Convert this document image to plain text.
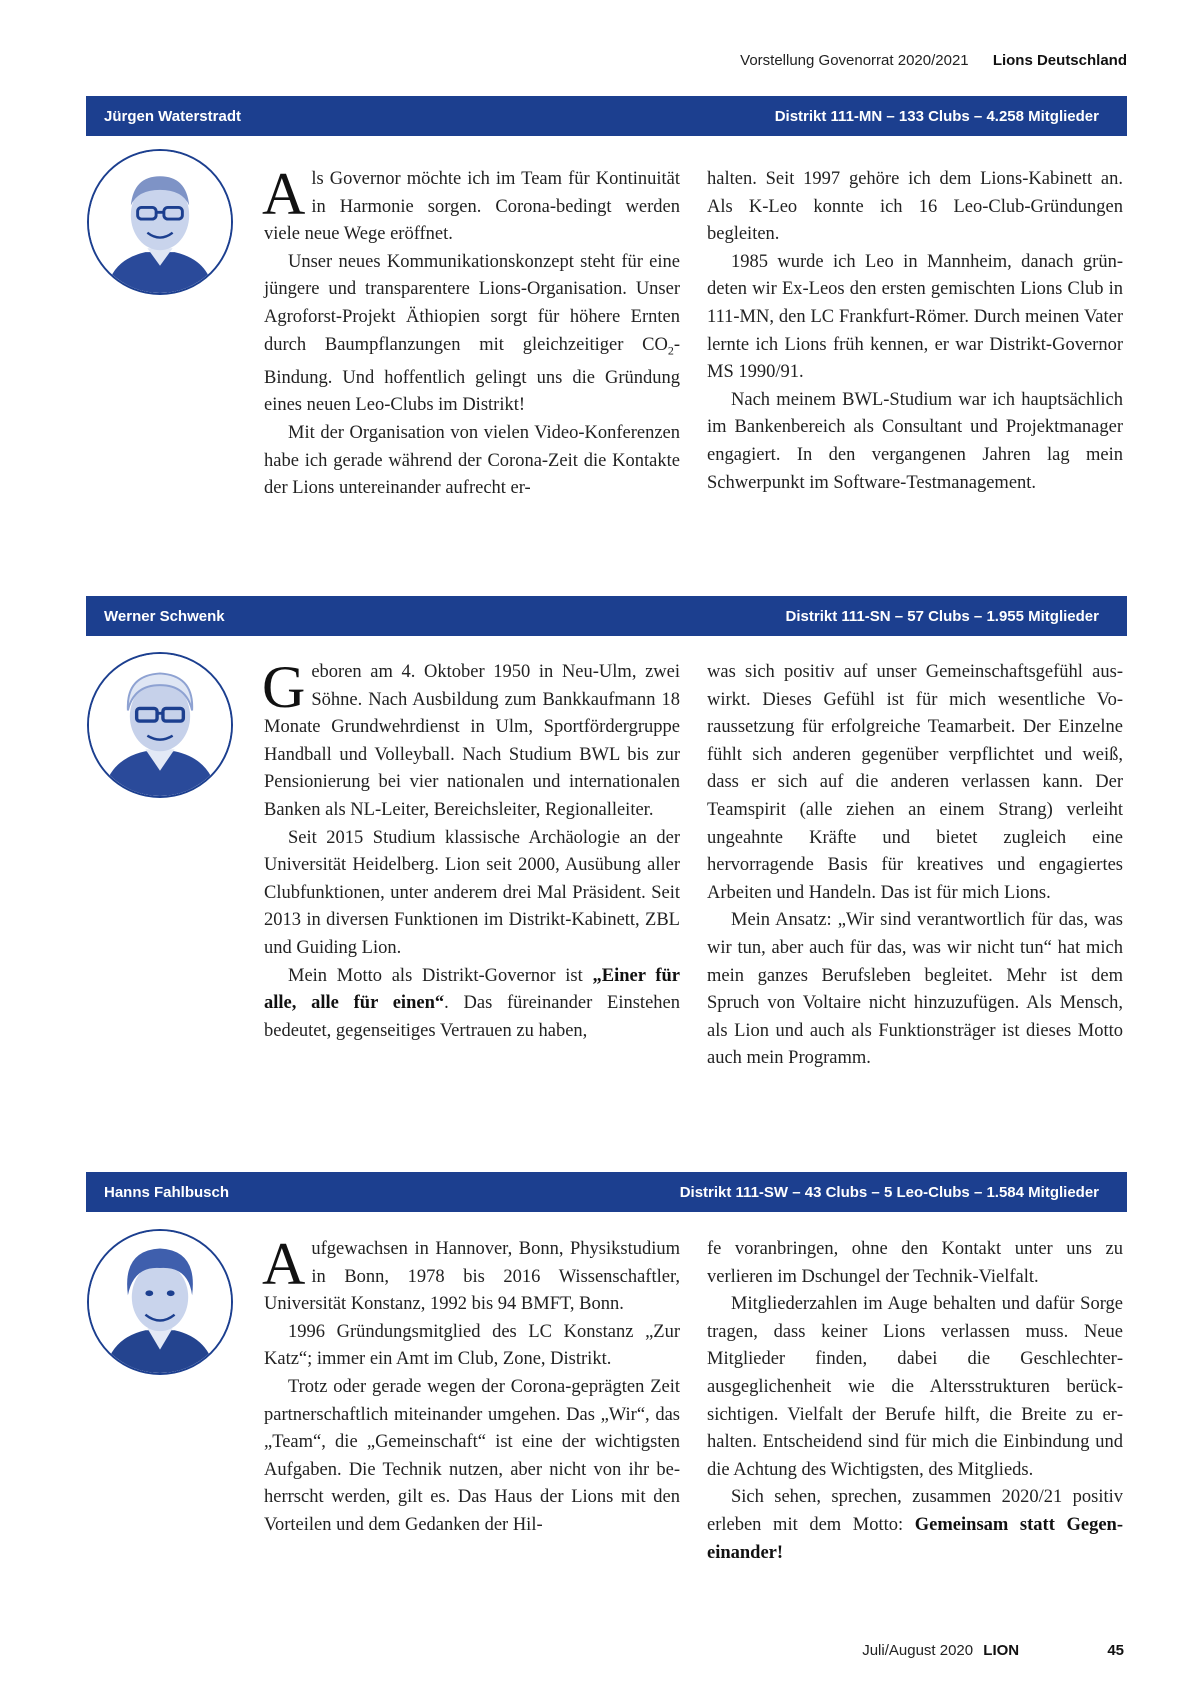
Vorstellung Govenorrat 2020/2021 Lions Deutschland
Jürgen Waterstradt	Distrikt 111-MN – 133 Clubs – 4.258 Mitglieder

Als Governor möchte ich im Team für Kontinuität in Harmonie sorgen. Corona-bedingt werden viele neue Wege eröffnet.

Unser neues Kommunikationskonzept steht für eine jüngere und transparentere Lions-Organisation. Unser Agroforst-Projekt Äthiopien sorgt für höhere Ernten durch Baumpflanzungen mit gleichzeitiger $CO_2$-Bindung. Und hoffentlich gelingt uns die Gründung eines neuen Leo-Clubs im Distrikt!

Mit der Organisation von vielen Video-Konferenzen habe ich gerade während der Corona-Zeit die Kontakte der Lions untereinander aufrecht er-

halten. Seit 1997 gehöre ich dem Lions-Kabinett an. Als K-Leo konnte ich 16 Leo-Club-Gründungen begleiten.

1985 wurde ich Leo in Mannheim, danach gründeten wir Ex-Leos den ersten gemischten Lions Club in 111-MN, den LC Frankfurt-Römer. Durch meinen Vater lernte ich Lions früh kennen, er war Distrikt-Governor MS 1990/91.

Nach meinem BWL-Studium war ich hauptsächlich im Bankenbereich als Consultant und Projektmanager engagiert. In den vergangenen Jahren lag mein Schwerpunkt im Software-Testmanagement.

Werner Schwenk	Distrikt 111-SN – 57 Clubs – 1.955 Mitglieder

Geboren am 4. Oktober 1950 in Neu-Ulm, zwei Söhne. Nach Ausbildung zum Bankkaufmann 18 Monate Grundwehrdienst in Ulm, Sportfördergruppe Handball und Volleyball. Nach Studium BWL bis zur Pensionierung bei vier nationalen und internationalen Banken als NL-Leiter, Bereichsleiter, Regionalleiter.

Seit 2015 Studium klassische Archäologie an der Universität Heidelberg. Lion seit 2000, Ausübung aller Clubfunktionen, unter anderem drei Mal Präsident. Seit 2013 in diversen Funktionen im Distrikt-Kabinett, ZBL und Guiding Lion.

Mein Motto als Distrikt-Governor ist „Einer für alle, alle für einen“. Das füreinander Einstehen bedeutet, gegenseitiges Vertrauen zu haben,

was sich positiv auf unser Gemeinschaftsgefühl auswirkt. Dieses Gefühl ist für mich wesentliche Voraussetzung für erfolgreiche Teamarbeit. Der Einzelne fühlt sich anderen gegenüber verpflichtet und weiß, dass er sich auf die anderen verlassen kann. Der Teamspirit (alle ziehen an einem Strang) verleiht ungeahnte Kräfte und bietet zugleich eine hervorragende Basis für kreatives und engagiertes Arbeiten und Handeln. Das ist für mich Lions.

Mein Ansatz: „Wir sind verantwortlich für das, was wir tun, aber auch für das, was wir nicht tun“ hat mich mein ganzes Berufsleben begleitet. Mehr ist dem Spruch von Voltaire nicht hinzuzufügen. Als Mensch, als Lion und auch als Funktionsträger ist dieses Motto auch mein Programm.

Hanns Fahlbusch	Distrikt 111-SW – 43 Clubs – 5 Leo-Clubs – 1.584 Mitglieder

Aufgewachsen in Hannover, Bonn, Physikstudium in Bonn, 1978 bis 2016 Wissenschaftler, Universität Konstanz, 1992 bis 94 BMFT, Bonn.

1996 Gründungsmitglied des LC Konstanz „Zur Katz“; immer ein Amt im Club, Zone, Distrikt.

Trotz oder gerade wegen der Corona-geprägten Zeit partnerschaftlich miteinander umgehen. Das „Wir“, das „Team“, die „Gemeinschaft“ ist eine der wichtigsten Aufgaben. Die Technik nutzen, aber nicht von ihr beherrscht werden, gilt es. Das Haus der Lions mit den Vorteilen und dem Gedanken der Hil-

fe voranbringen, ohne den Kontakt unter uns zu verlieren im Dschungel der Technik-Vielfalt.

Mitgliederzahlen im Auge behalten und dafür Sorge tragen, dass keiner Lions verlassen muss. Neue Mitglieder finden, dabei die Geschlechterausgeglichenheit wie die Altersstrukturen berücksichtigen. Vielfalt der Berufe hilft, die Breite zu erhalten. Entscheidend sind für mich die Einbindung und die Achtung des Wichtigsten, des Mitglieds.

Sich sehen, sprechen, zusammen 2020/21 positiv erleben mit dem Motto: Gemeinsam statt Gegeneinander!

Juli/August 2020 LION	45
